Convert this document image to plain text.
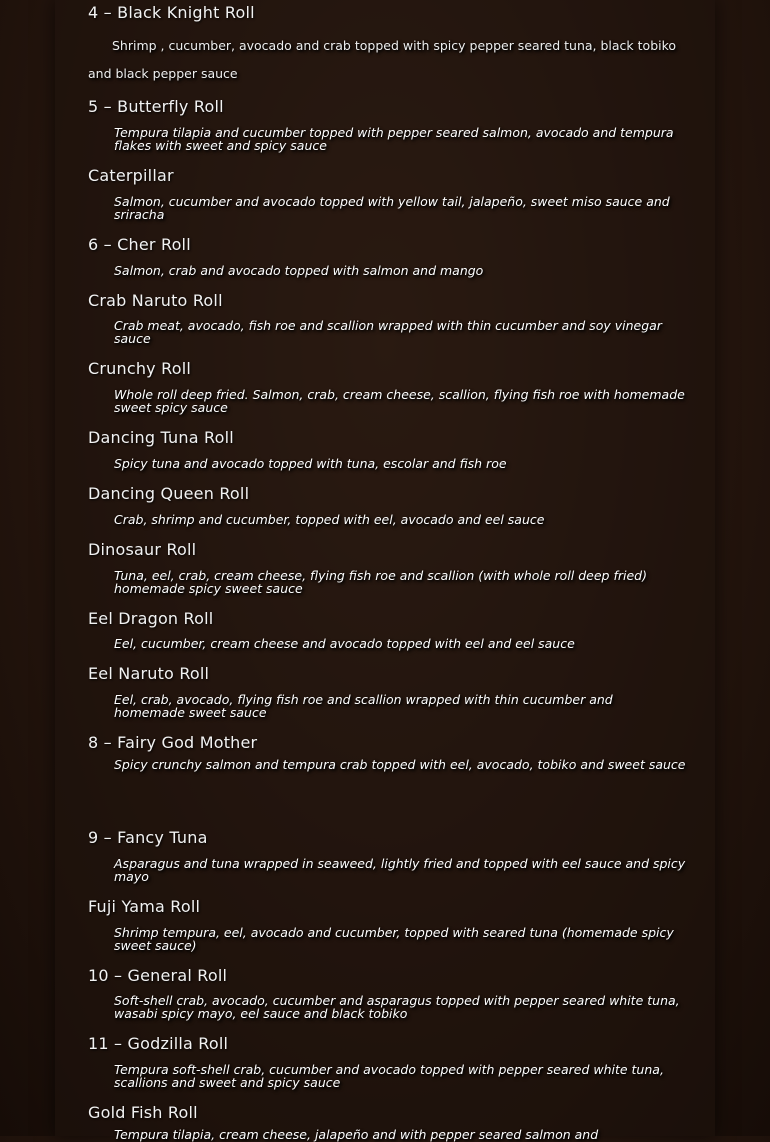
4 – Black Knight Roll

Shrimp , cucumber, avocado and crab topped with spicy pepper seared tuna, black tobiko and black pepper sauce

5 – Butterfly Roll

Tempura tilapia and cucumber topped with pepper seared salmon, avocado and tempura flakes with sweet and spicy sauce

Caterpillar

Salmon, cucumber and avocado topped with yellow tail, jalapeño, sweet miso sauce and sriracha

6 – Cher Roll

Salmon, crab and avocado topped with salmon and mango

Crab Naruto Roll

Crab meat, avocado, fish roe and scallion wrapped with thin cucumber and soy vinegar sauce

Crunchy Roll

Whole roll deep fried. Salmon, crab, cream cheese, scallion, flying fish roe with homemade sweet spicy sauce

Dancing Tuna Roll

Spicy tuna and avocado topped with tuna, escolar and fish roe

Dancing Queen Roll

Crab, shrimp and cucumber, topped with eel, avocado and eel sauce

Dinosaur Roll

Tuna, eel, crab, cream cheese, flying fish roe and scallion (with whole roll deep fried) homemade spicy sweet sauce

Eel Dragon Roll

Eel, cucumber, cream cheese and avocado topped with eel and eel sauce

Eel Naruto Roll

Eel, crab, avocado, flying fish roe and scallion wrapped with thin cucumber and homemade sweet sauce

8 – Fairy God Mother

Spicy crunchy salmon and tempura crab topped with eel, avocado, tobiko and sweet sauce

9 – Fancy Tuna

Asparagus and tuna wrapped in seaweed, lightly fried and topped with eel sauce and spicy mayo

Fuji Yama Roll

Shrimp tempura, eel, avocado and cucumber, topped with seared tuna (homemade spicy sweet sauce)

10 – General Roll

Soft-shell crab, avocado, cucumber and asparagus topped with pepper seared white tuna, wasabi spicy mayo, eel sauce and black tobiko

11 – Godzilla Roll

Tempura soft-shell crab, cucumber and avocado topped with pepper seared white tuna, scallions and sweet and spicy sauce

Gold Fish Roll

Tempura tilapia, cream cheese, jalapeño and with pepper seared salmon and
